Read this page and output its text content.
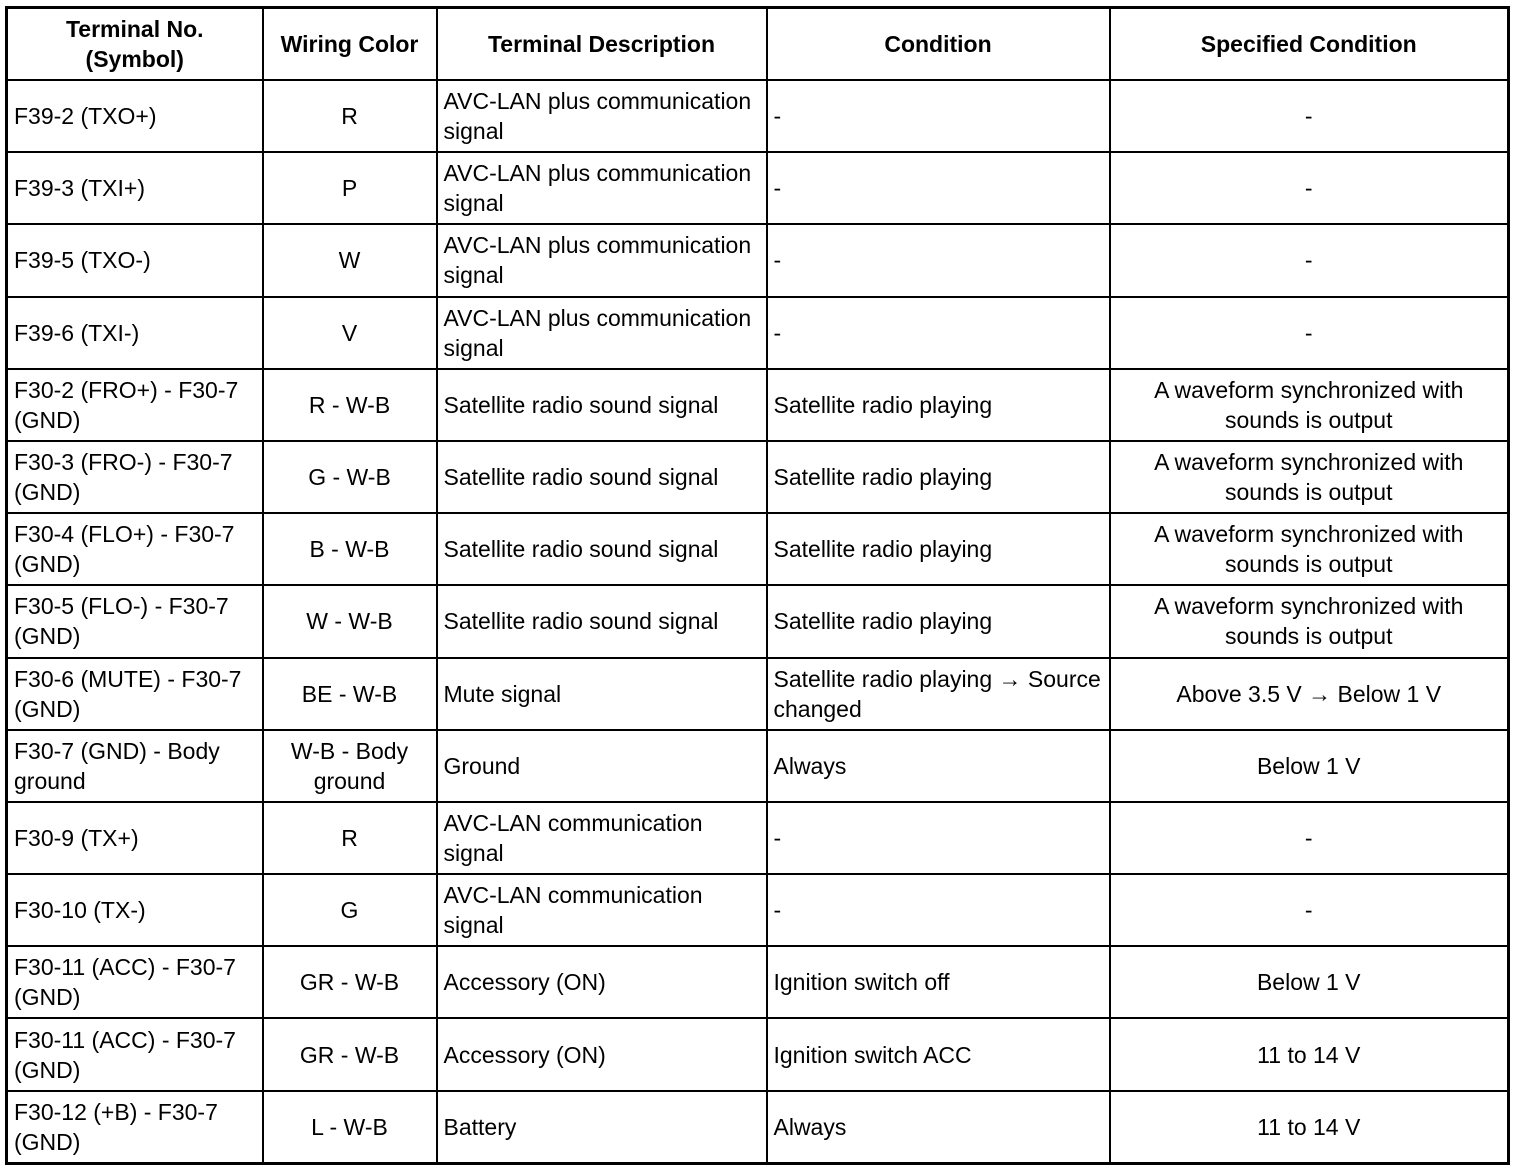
Terminal No. (Symbol)	Wiring Color	Terminal Description	Condition	Specified Condition
F39-2 (TXO+)	R	AVC-LAN plus communication signal	-	-
F39-3 (TXI+)	P	AVC-LAN plus communication signal	-	-
F39-5 (TXO-)	W	AVC-LAN plus communication signal	-	-
F39-6 (TXI-)	V	AVC-LAN plus communication signal	-	-
F30-2 (FRO+) - F30-7 (GND)	R - W-B	Satellite radio sound signal	Satellite radio playing	A waveform synchronized with sounds is output
F30-3 (FRO-) - F30-7 (GND)	G - W-B	Satellite radio sound signal	Satellite radio playing	A waveform synchronized with sounds is output
F30-4 (FLO+) - F30-7 (GND)	B - W-B	Satellite radio sound signal	Satellite radio playing	A waveform synchronized with sounds is output
F30-5 (FLO-) - F30-7 (GND)	W - W-B	Satellite radio sound signal	Satellite radio playing	A waveform synchronized with sounds is output
F30-6 (MUTE) - F30-7 (GND)	BE - W-B	Mute signal	Satellite radio playing → Source changed	Above 3.5 V → Below 1 V
F30-7 (GND) - Body ground	W-B - Body ground	Ground	Always	Below 1 V
F30-9 (TX+)	R	AVC-LAN communication signal	-	-
F30-10 (TX-)	G	AVC-LAN communication signal	-	-
F30-11 (ACC) - F30-7 (GND)	GR - W-B	Accessory (ON)	Ignition switch off	Below 1 V
F30-11 (ACC) - F30-7 (GND)	GR - W-B	Accessory (ON)	Ignition switch ACC	11 to 14 V
F30-12 (+B) - F30-7 (GND)	L - W-B	Battery	Always	11 to 14 V
